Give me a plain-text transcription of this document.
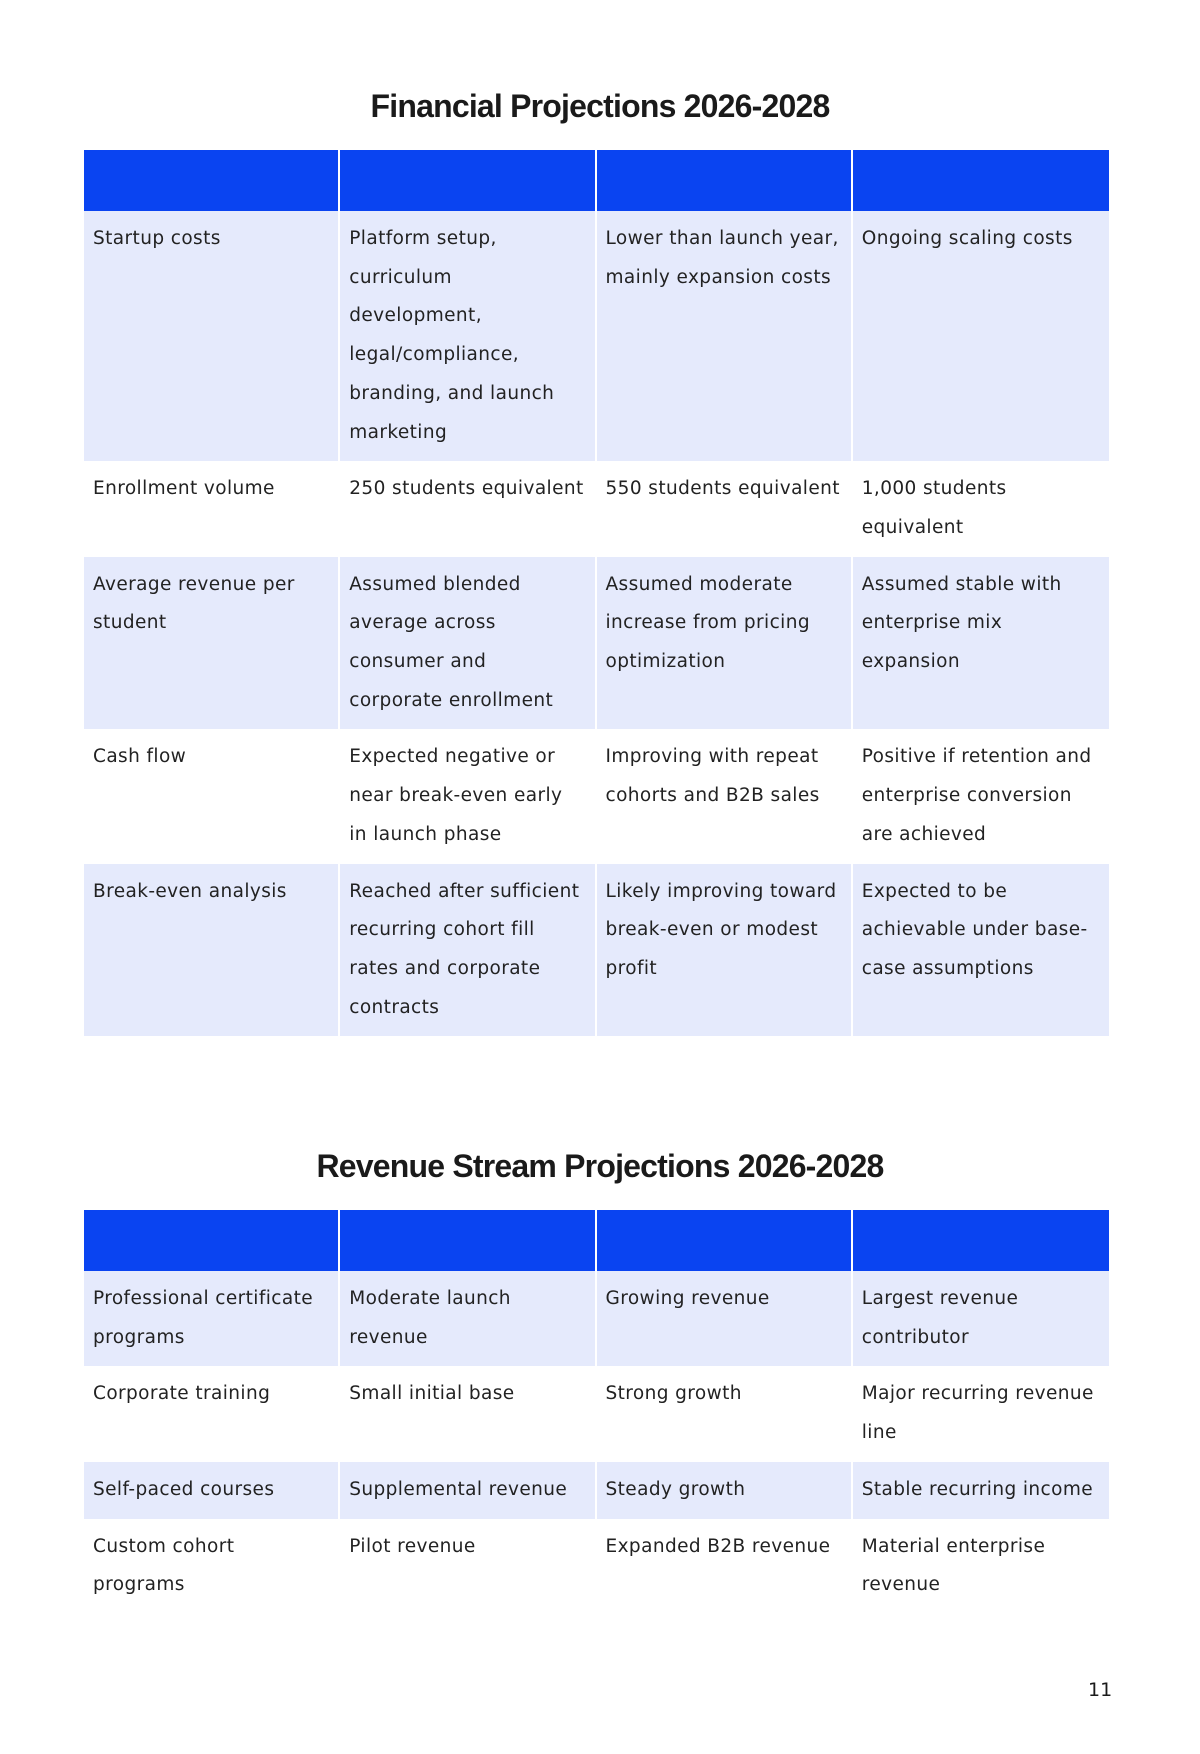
Financial Projections 2026-2028

Startup costs	Platform setup, curriculum development, legal/compliance, branding, and launch marketing	Lower than launch year, mainly expansion costs	Ongoing scaling costs
Enrollment volume	250 students equivalent	550 students equivalent	1,000 students equivalent
Average revenue per student	Assumed blended average across consumer and corporate enrollment	Assumed moderate increase from pricing optimization	Assumed stable with enterprise mix expansion
Cash flow	Expected negative or near break-even early in launch phase	Improving with repeat cohorts and B2B sales	Positive if retention and enterprise conversion are achieved
Break-even analysis	Reached after sufficient recurring cohort fill rates and corporate contracts	Likely improving toward break-even or modest profit	Expected to be achievable under base-case assumptions
Revenue Stream Projections 2026-2028

Professional certificate programs	Moderate launch revenue	Growing revenue	Largest revenue contributor
Corporate training	Small initial base	Strong growth	Major recurring revenue line
Self-paced courses	Supplemental revenue	Steady growth	Stable recurring income
Custom cohort programs	Pilot revenue	Expanded B2B revenue	Material enterprise revenue
11
